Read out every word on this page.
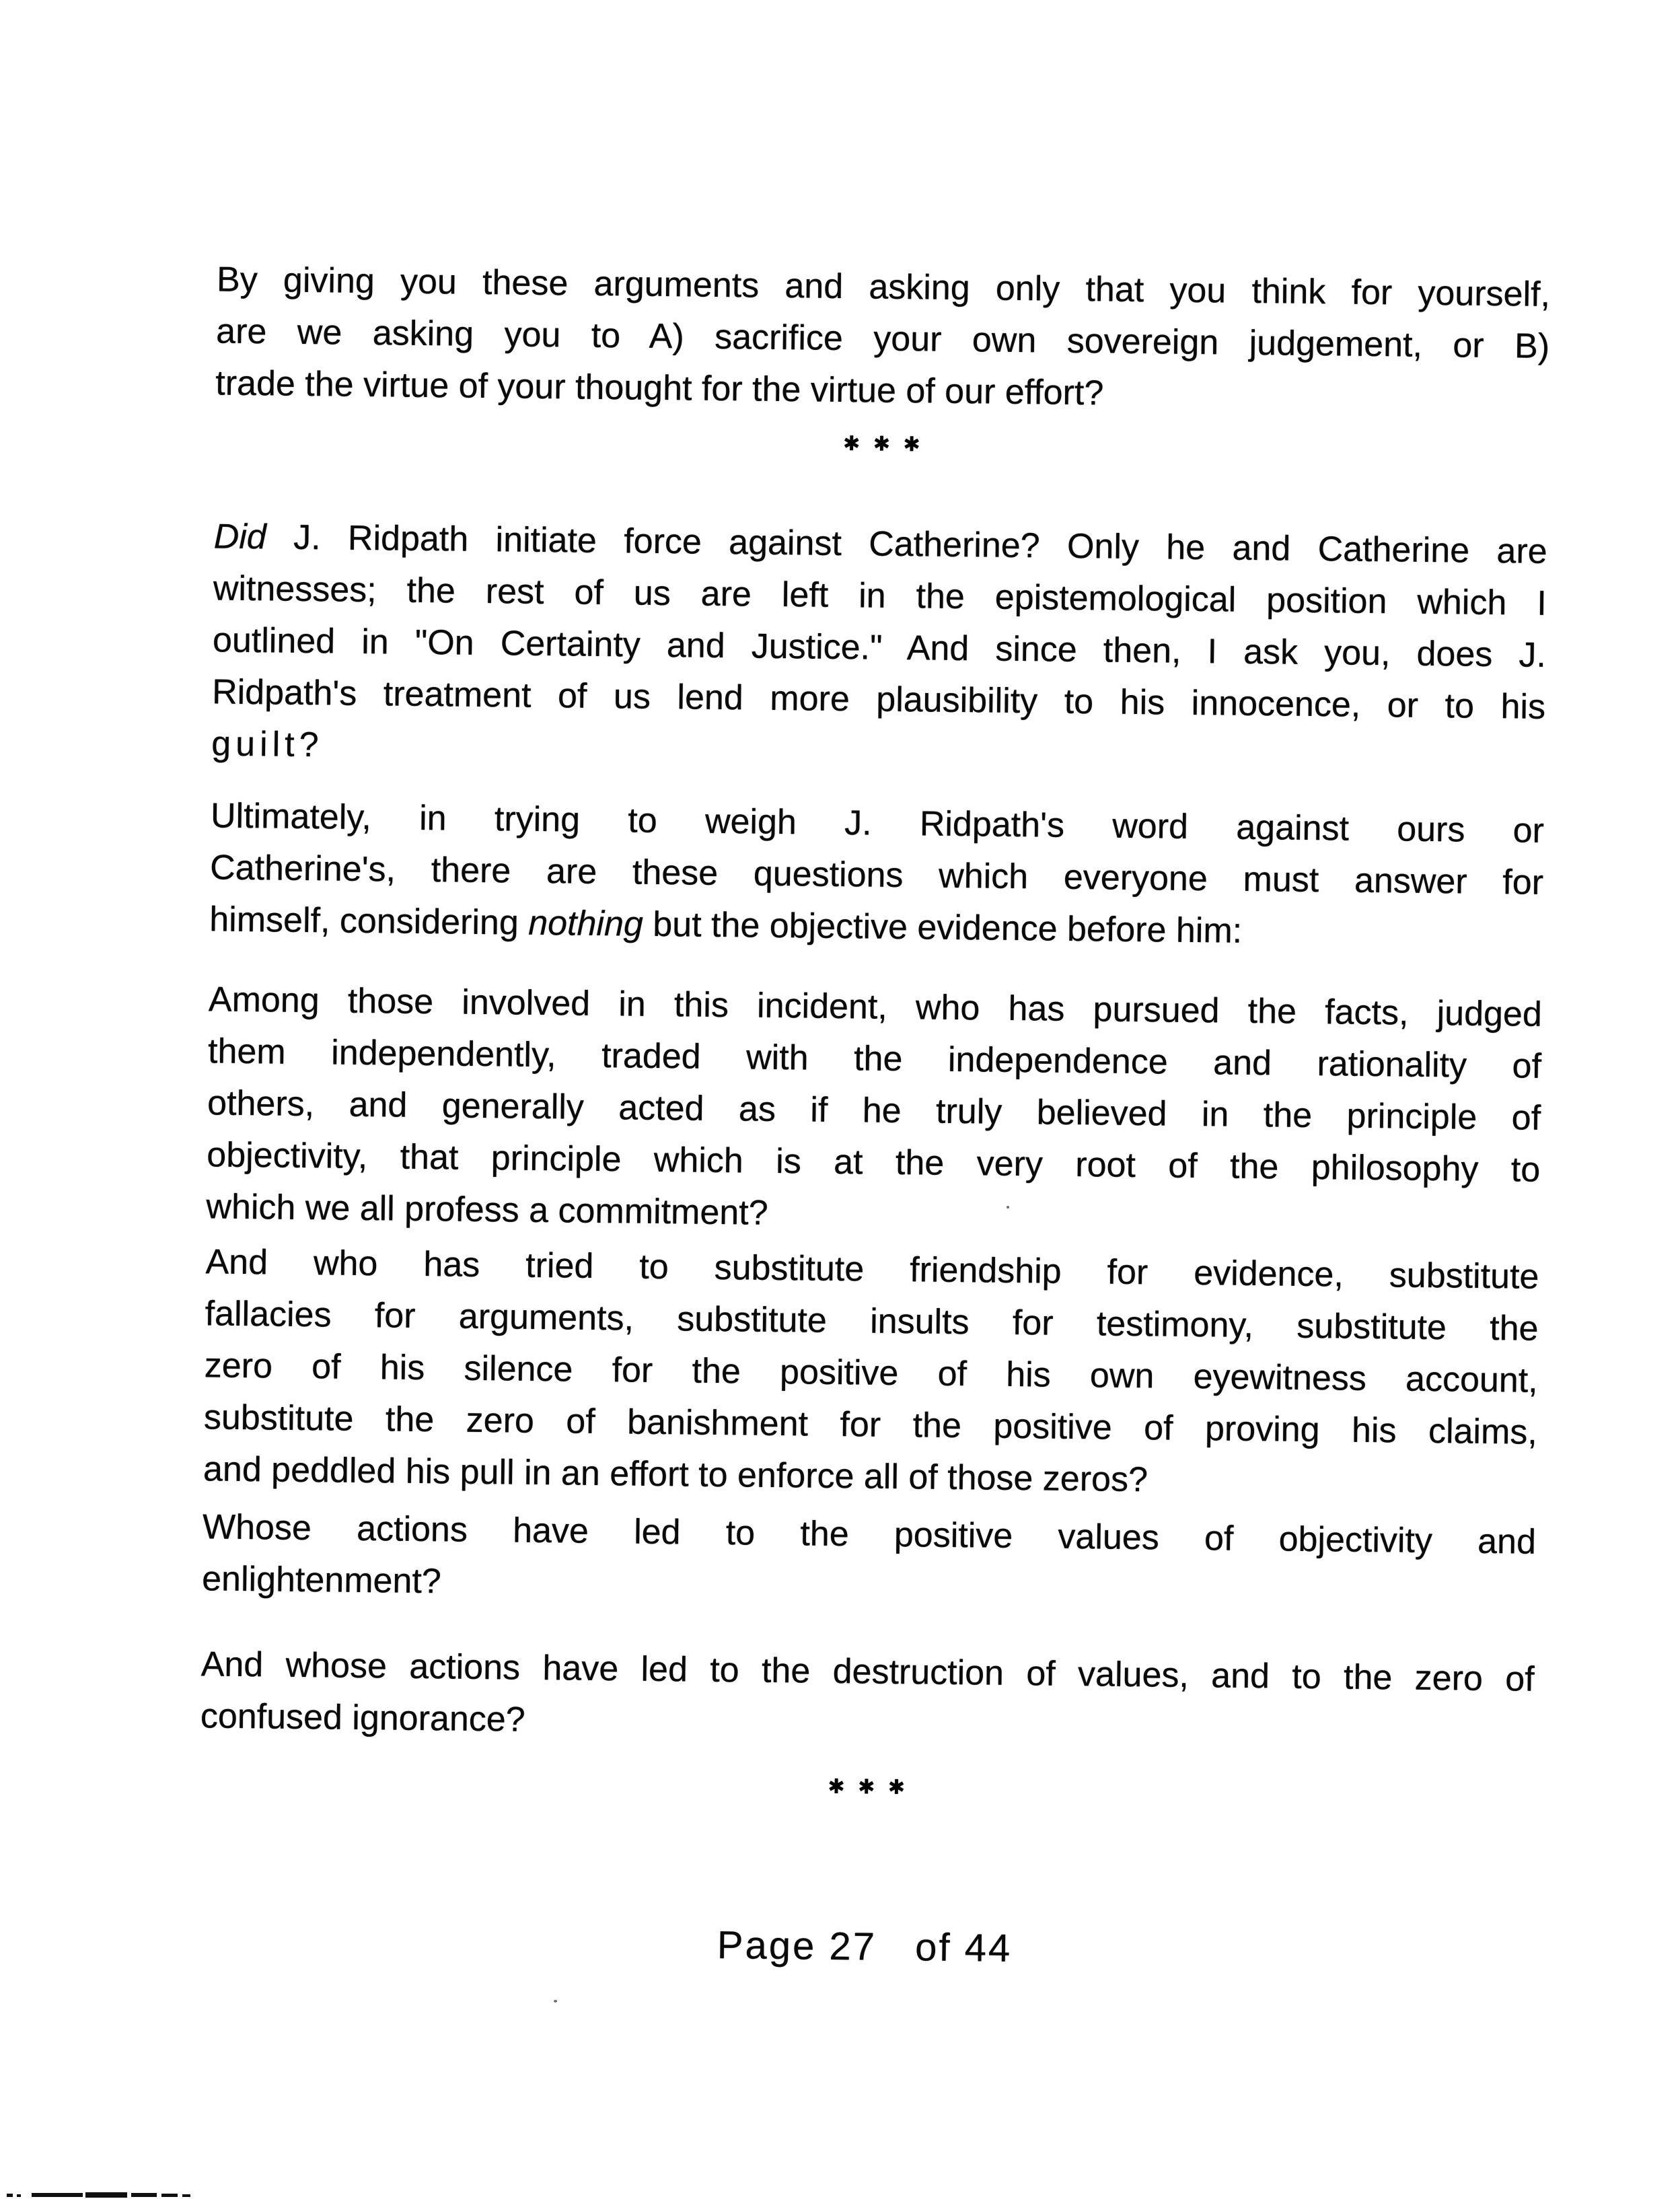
By giving you these arguments and asking only that you think for yourself,
are we asking you to A) sacrifice your own sovereign judgement, or B)
trade the virtue of your thought for the virtue of our effort?
Did J. Ridpath initiate force against Catherine? Only he and Catherine are
witnesses; the rest of us are left in the epistemological position which I
outlined in "On Certainty and Justice." And since then, I ask you, does J.
Ridpath's treatment of us lend more plausibility to his innocence, or to his
guilt?
Ultimately, in trying to weigh J. Ridpath's word against ours or
Catherine's, there are these questions which everyone must answer for
himself, considering nothing but the objective evidence before him:
Among those involved in this incident, who has pursued the facts, judged
them independently, traded with the independence and rationality of
others, and generally acted as if he truly believed in the principle of
objectivity, that principle which is at the very root of the philosophy to
which we all profess a commitment?
And who has tried to substitute friendship for evidence, substitute
fallacies for arguments, substitute insults for testimony, substitute the
zero of his silence for the positive of his own eyewitness account,
substitute the zero of banishment for the positive of proving his claims,
and peddled his pull in an effort to enforce all of those zeros?
Whose actions have led to the positive values of objectivity and
enlightenment?
And whose actions have led to the destruction of values, and to the zero of
confused ignorance?
✱ ✱ ✱
✱ ✱ ✱
Page 27   of 44
